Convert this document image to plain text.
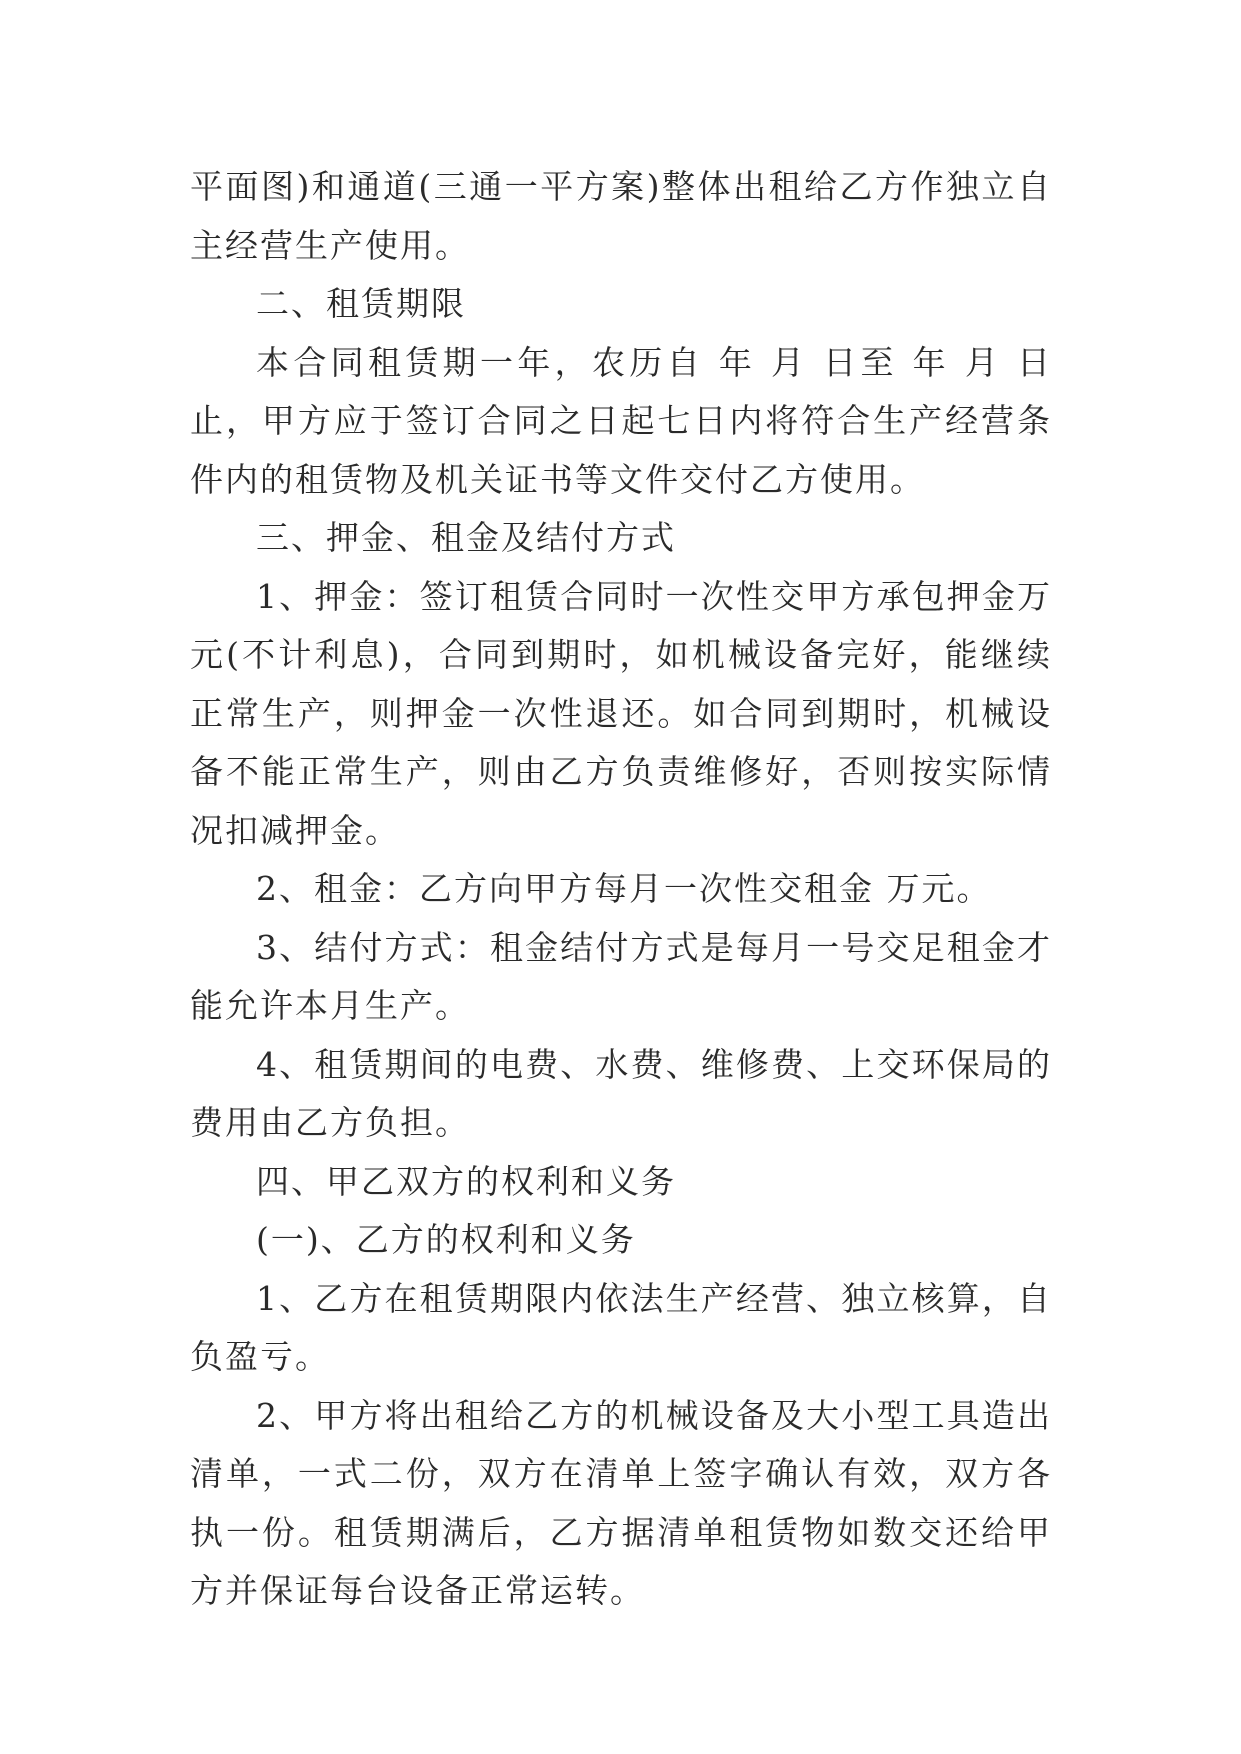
平面图)和通道(三通一平方案)整体出租给乙方作独立自主经营生产使用。

二、租赁期限

本合同租赁期一年，农历自 年 月 日至 年 月 日止，甲方应于签订合同之日起七日内将符合生产经营条件内的租赁物及机关证书等文件交付乙方使用。

三、押金、租金及结付方式

1、押金：签订租赁合同时一次性交甲方承包押金万元(不计利息)，合同到期时，如机械设备完好，能继续正常生产，则押金一次性退还。如合同到期时，机械设备不能正常生产，则由乙方负责维修好，否则按实际情况扣减押金。

2、租金：乙方向甲方每月一次性交租金 万元。

3、结付方式：租金结付方式是每月一号交足租金才能允许本月生产。

4、租赁期间的电费、水费、维修费、上交环保局的费用由乙方负担。

四、甲乙双方的权利和义务

(一)、乙方的权利和义务

1、乙方在租赁期限内依法生产经营、独立核算，自负盈亏。

2、甲方将出租给乙方的机械设备及大小型工具造出清单，一式二份，双方在清单上签字确认有效，双方各执一份。租赁期满后，乙方据清单租赁物如数交还给甲方并保证每台设备正常运转。
